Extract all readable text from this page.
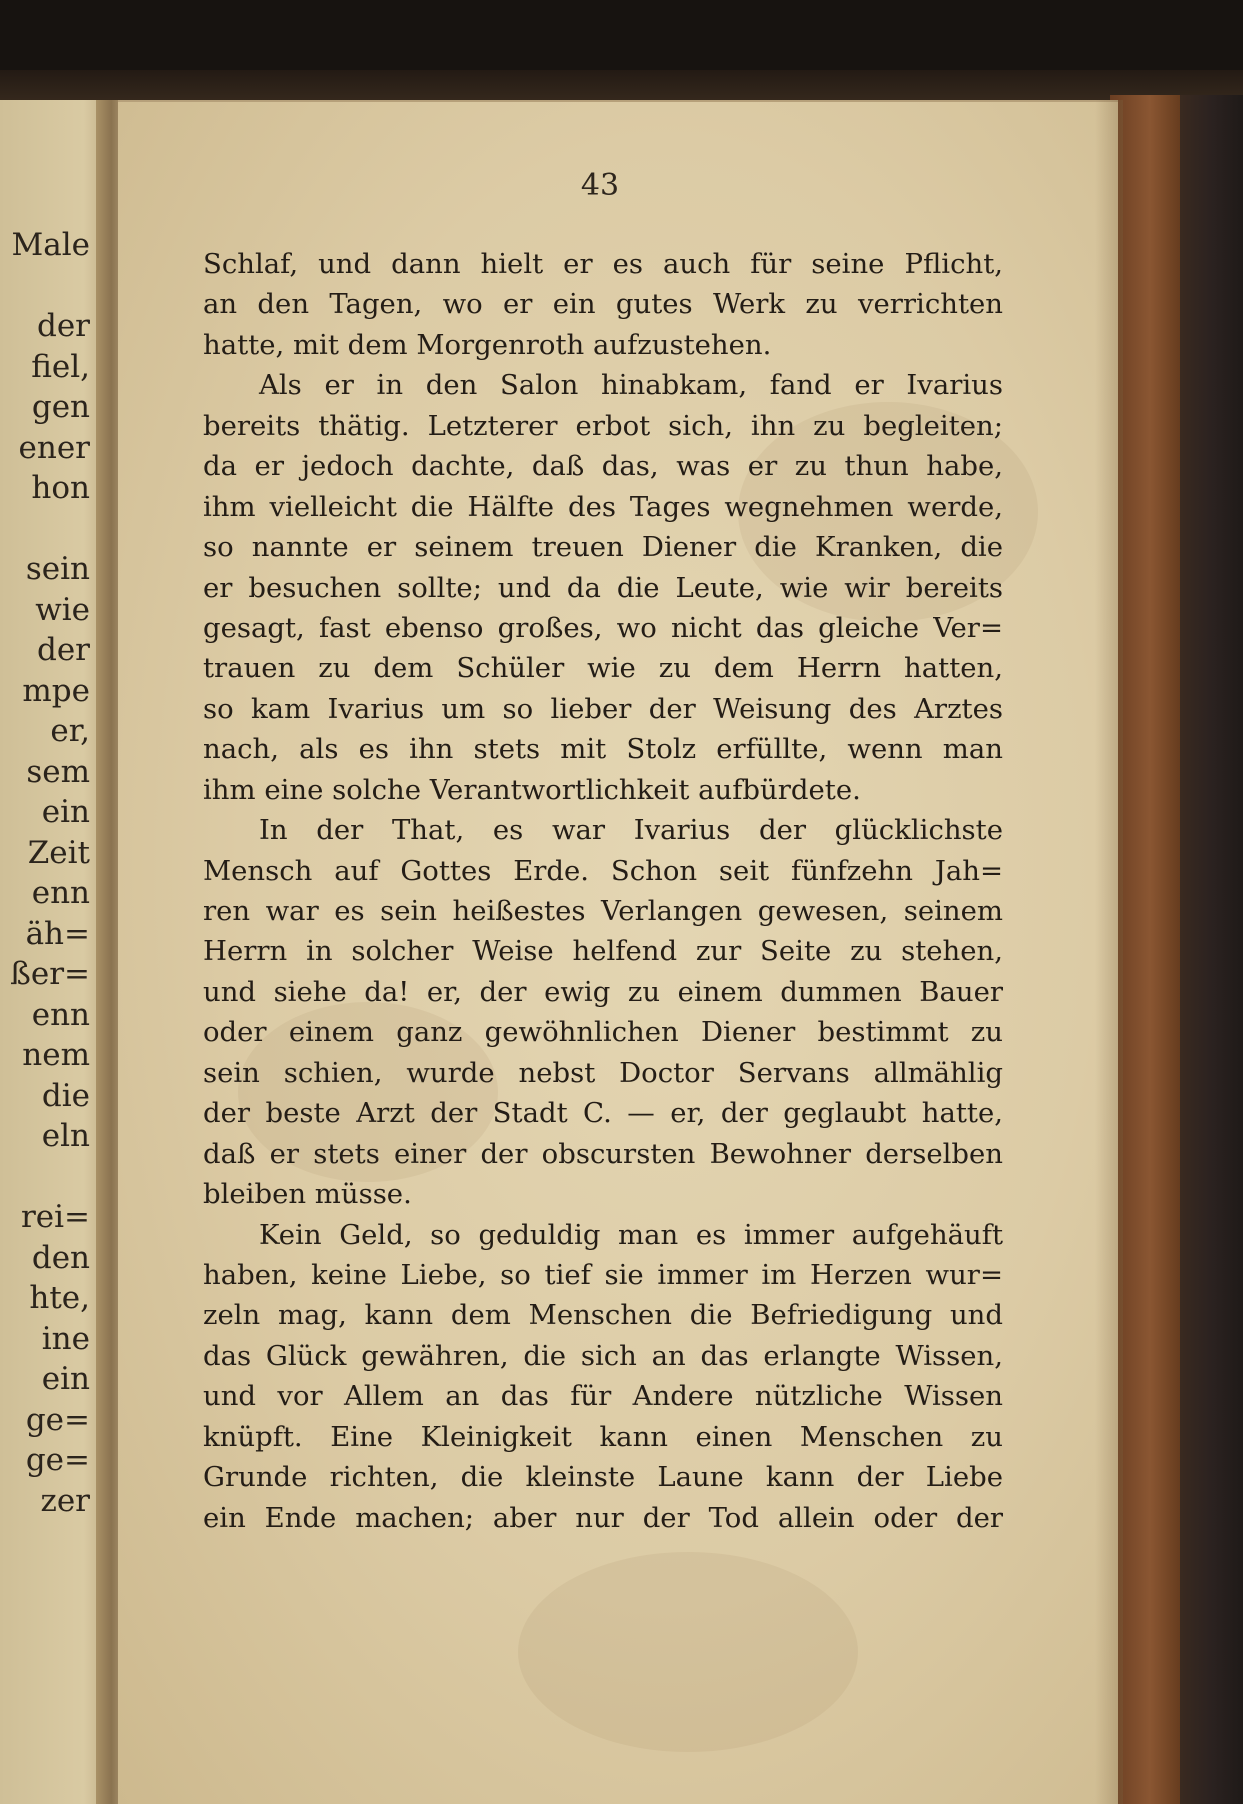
Male
der
fiel,
gen
ener
hon
sein
wie
der
mpe
er,
sem
ein
Zeit
enn
äh=
ßer=
enn
nem
die
eln
rei=
den
hte,
ine
ein
ge=
ge=
zer
43
Schlaf, und dann hielt er es auch für seine Pflicht,
an den Tagen, wo er ein gutes Werk zu verrichten
hatte, mit dem Morgenroth aufzustehen.
Als er in den Salon hinabkam, fand er Ivarius
bereits thätig. Letzterer erbot sich, ihn zu begleiten;
da er jedoch dachte, daß das, was er zu thun habe,
ihm vielleicht die Hälfte des Tages wegnehmen werde,
so nannte er seinem treuen Diener die Kranken, die
er besuchen sollte; und da die Leute, wie wir bereits
gesagt, fast ebenso großes, wo nicht das gleiche Ver=
trauen zu dem Schüler wie zu dem Herrn hatten,
so kam Ivarius um so lieber der Weisung des Arztes
nach, als es ihn stets mit Stolz erfüllte, wenn man
ihm eine solche Verantwortlichkeit aufbürdete.
In der That, es war Ivarius der glücklichste
Mensch auf Gottes Erde. Schon seit fünfzehn Jah=
ren war es sein heißestes Verlangen gewesen, seinem
Herrn in solcher Weise helfend zur Seite zu stehen,
und siehe da! er, der ewig zu einem dummen Bauer
oder einem ganz gewöhnlichen Diener bestimmt zu
sein schien, wurde nebst Doctor Servans allmählig
der beste Arzt der Stadt C. — er, der geglaubt hatte,
daß er stets einer der obscursten Bewohner derselben
bleiben müsse.
Kein Geld, so geduldig man es immer aufgehäuft
haben, keine Liebe, so tief sie immer im Herzen wur=
zeln mag, kann dem Menschen die Befriedigung und
das Glück gewähren, die sich an das erlangte Wissen,
und vor Allem an das für Andere nützliche Wissen
knüpft. Eine Kleinigkeit kann einen Menschen zu
Grunde richten, die kleinste Laune kann der Liebe
ein Ende machen; aber nur der Tod allein oder der
